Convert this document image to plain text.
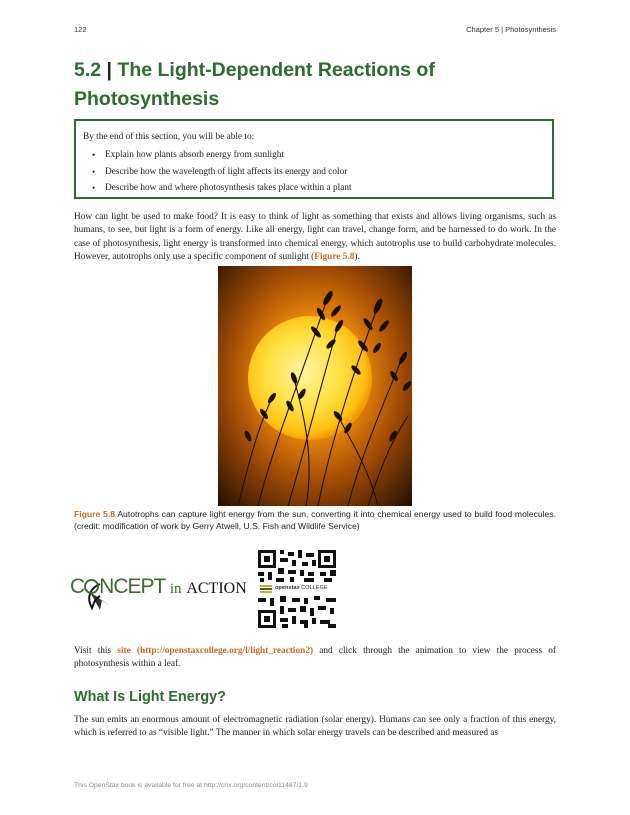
122	Chapter 5 | Photosynthesis
5.2 | The Light-Dependent Reactions of Photosynthesis

By the end of this section, you will be able to:

• Explain how plants absorb energy from sunlight
• Describe how the wavelength of light affects its energy and color
• Describe how and where photosynthesis takes place within a plant

How can light be used to make food? It is easy to think of light as something that exists and allows living organisms, such as humans, to see, but light is a form of energy. Like all energy, light can travel, change form, and be harnessed to do work. In the case of photosynthesis, light energy is transformed into chemical energy, which autotrophs use to build carbohydrate molecules. However, autotrophs only use a specific component of sunlight (Figure 5.8).

Figure 5.8 Autotrophs can capture light energy from the sun, converting it into chemical energy used to build food molecules. (credit: modification of work by Gerry Atwell, U.S. Fish and Wildlife Service)

C NCEPT in ACTION	openstax COLLEGE

Visit this site (http://openstaxcollege.org/l/light_reaction2) and click through the animation to view the process of photosynthesis within a leaf.

What Is Light Energy?

The sun emits an enormous amount of electromagnetic radiation (solar energy). Humans can see only a fraction of this energy, which is referred to as “visible light.” The manner in which solar energy travels can be described and measured as

This OpenStax book is available for free at http://cnx.org/content/col11487/1.9
